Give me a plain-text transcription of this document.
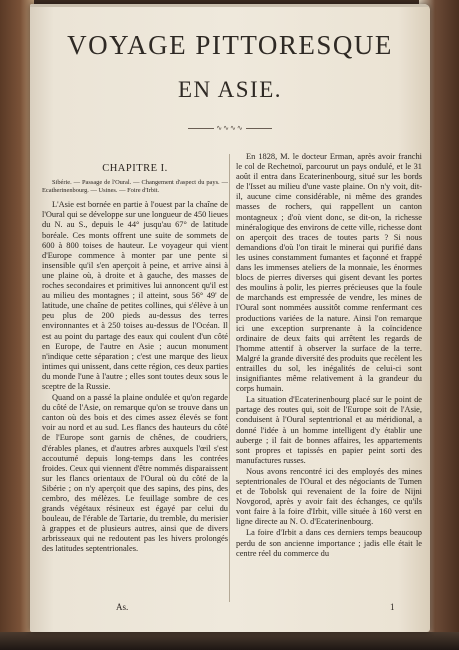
VOYAGE PITTORESQUE
EN ASIE.
∿∿∿∿
CHAPITRE I.
Sibérie. — Passage de l'Oural. — Changement d'aspect du pays. — Ecatherinenbourg. — Usines. — Foire d'Irbit.

L'Asie est bornée en partie à l'ouest par la chaîne de l'Oural qui se développe sur une longueur de 450 lieues du N. au S., depuis le 44° jusqu'au 67° de latitude boréale. Ces monts offrent une suite de sommets de 600 à 800 toises de hauteur. Le voyageur qui vient d'Europe commence à monter par une pente si insensible qu'il s'en aperçoit à peine, et arrive ainsi à une plaine où, à droite et à gauche, des masses de roches secondaires et primitives lui annoncent qu'il est au milieu des montagnes ; il atteint, sous 56° 49' de latitude, une chaîne de petites collines, qui s'élève à un peu plus de 200 pieds au-dessus des terres environnantes et à 250 toises au-dessus de l'Océan. Il est au point du partage des eaux qui coulent d'un côté en Europe, de l'autre en Asie ; aucun monument n'indique cette séparation ; c'est une marque des lieux intimes qui unissent, dans cette région, ces deux parties du monde l'une à l'autre ; elles sont toutes deux sous le sceptre de la Russie.

Quand on a passé la plaine ondulée et qu'on regarde du côté de l'Asie, on remarque qu'on se trouve dans un canton où des bois et des cimes assez élevés se font voir au nord et au sud. Les flancs des hauteurs du côté de l'Europe sont garnis de chênes, de coudriers, d'érables planes, et d'autres arbres auxquels l'œil s'est accoutumé depuis long-temps dans les contrées froides. Ceux qui viennent d'être nommés disparaissent sur les flancs orientaux de l'Oural où du côté de la Sibérie ; on n'y aperçoit que des sapins, des pins, des cembro, des mélèzes. Le feuillage sombre de ces grands végétaux résineux est égayé par celui du bouleau, de l'érable de Tartarie, du tremble, du merisier à grappes et de plusieurs autres, ainsi que de divers arbrisseaux qui ne redoutent pas les hivers prolongés des latitudes septentrionales.

En 1828, M. le docteur Erman, après avoir franchi le col de Rechetnoï, parcourut un pays ondulé, et le 31 août il entra dans Ecaterinenbourg, situé sur les bords de l'Isset au milieu d'une vaste plaine. On n'y voit, dit-il, aucune cime considérable, ni même des grandes masses de rochers, qui rappellent un canton montagneux ; d'où vient donc, se dit-on, la richesse minéralogique des environs de cette ville, richesse dont on aperçoit des traces de toutes parts ? Si nous demandions d'où l'on tirait le minerai qui purifié dans les usines constamment fumantes et façonné et frappé dans les immenses ateliers de la monnaie, les énormes blocs de pierres diverses qui gisent devant les portes des moulins à polir, les pierres précieuses que la foule de marchands est empressée de vendre, les mines de l'Oural sont nommées aussitôt comme renfermant ces productions variées de la nature. Ainsi l'on remarque ici une exception surprenante à la coïncidence ordinaire de deux faits qui arrêtent les regards de l'homme attentif à observer la surface de la terre. Malgré la grande diversité des produits que recèlent les entrailles du sol, les inégalités de celui-ci sont insignifiantes même relativement à la grandeur du corps humain.

La situation d'Ecaterinenbourg placé sur le point de partage des routes qui, soit de l'Europe soit de l'Asie, conduisent à l'Oural septentrional et au méridional, a donné l'idée à un homme intelligent d'y établir une auberge ; il fait de bonnes affaires, les appartements sont propres et tapissés en papier peint sorti des manufactures russes.

Nous avons rencontré ici des employés des mines septentrionales de l'Oural et des négociants de Tumen et de Tobolsk qui revenaient de la foire de Nijni Novgorod, après y avoir fait des échanges, ce qu'ils vont faire à la foire d'Irbit, ville située à 160 verst en ligne directe au N. O. d'Ecaterinenbourg.

La foire d'Irbit a dans ces derniers temps beaucoup perdu de son ancienne importance ; jadis elle était le centre réel du commerce du

As.	1
